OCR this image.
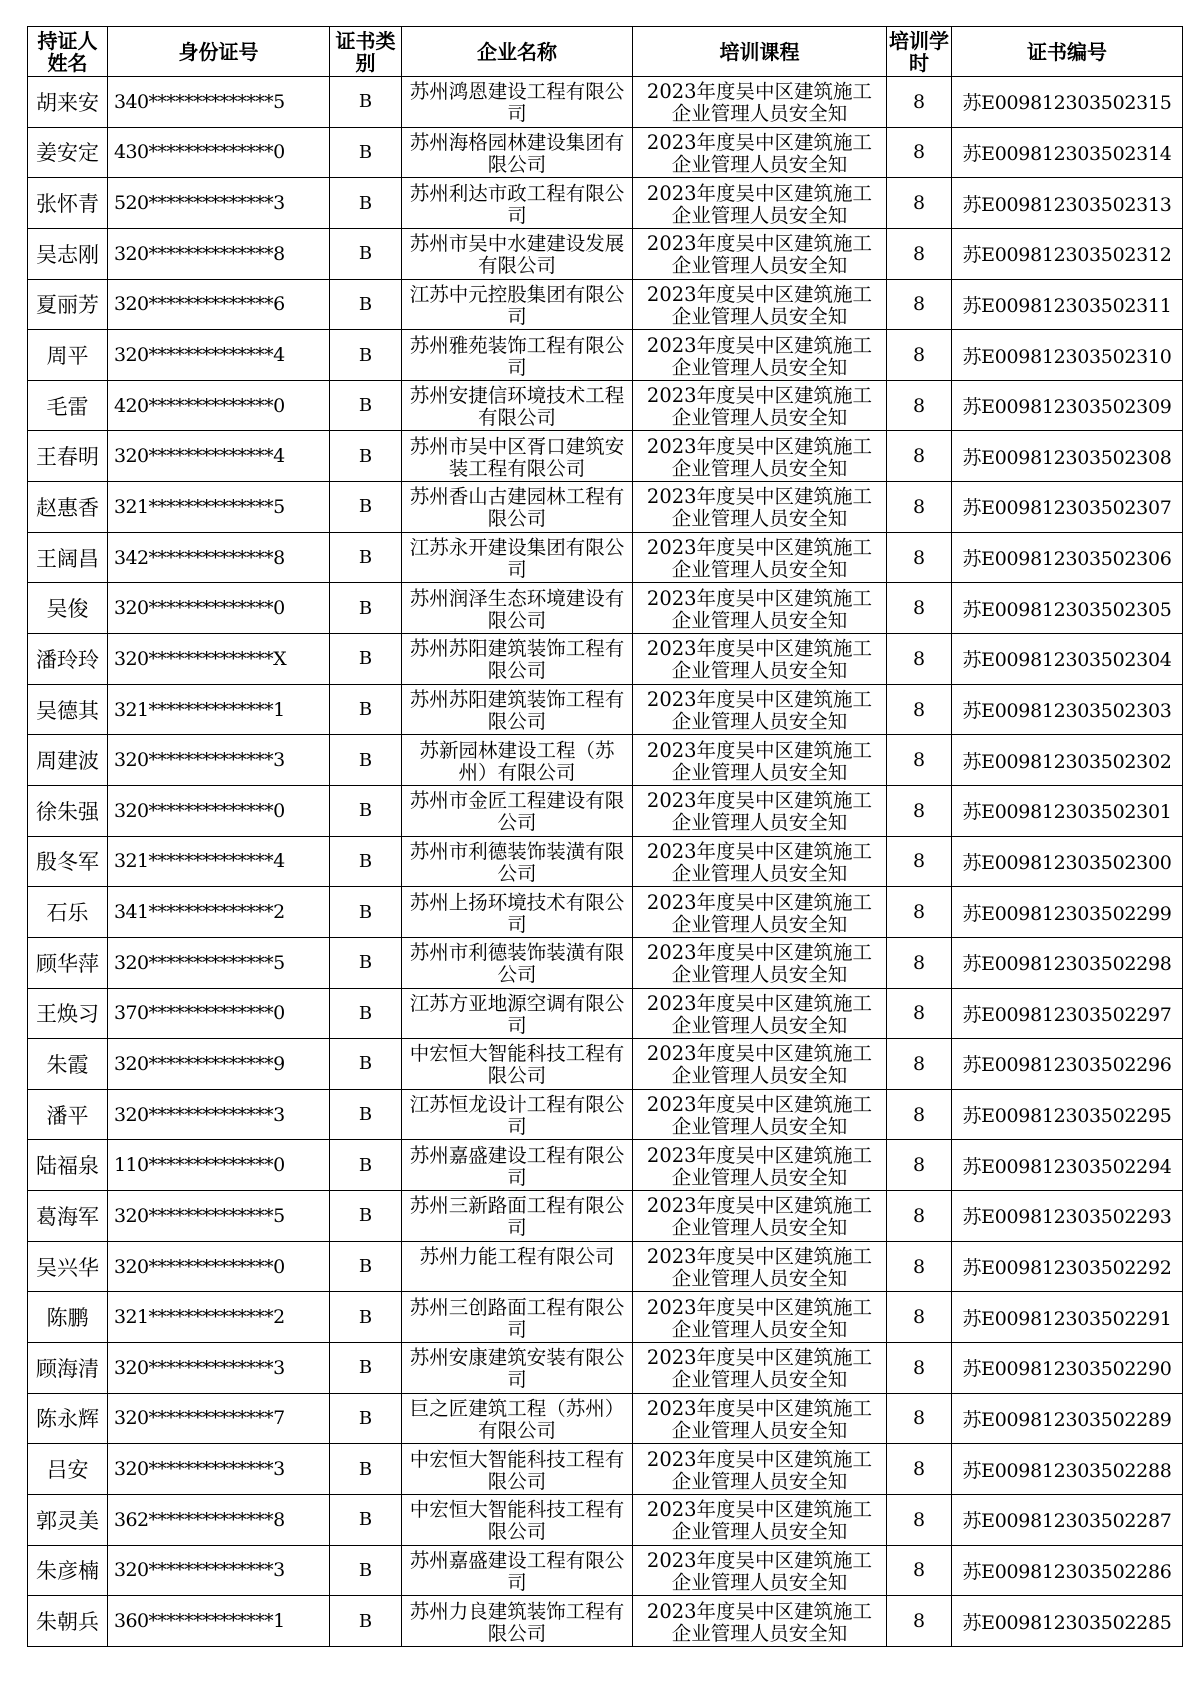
持证人姓名	身份证号	证书类别	企业名称	培训课程	培训学时	证书编号
胡来安	340**************5	B	苏州鸿恩建设工程有限公司	2023年度吴中区建筑施工企业管理人员安全知	8	苏E009812303502315
姜安定	430**************0	B	苏州海格园林建设集团有限公司	2023年度吴中区建筑施工企业管理人员安全知	8	苏E009812303502314
张怀青	520**************3	B	苏州利达市政工程有限公司	2023年度吴中区建筑施工企业管理人员安全知	8	苏E009812303502313
吴志刚	320**************8	B	苏州市吴中水建建设发展有限公司	2023年度吴中区建筑施工企业管理人员安全知	8	苏E009812303502312
夏丽芳	320**************6	B	江苏中元控股集团有限公司	2023年度吴中区建筑施工企业管理人员安全知	8	苏E009812303502311
周平	320**************4	B	苏州雅苑装饰工程有限公司	2023年度吴中区建筑施工企业管理人员安全知	8	苏E009812303502310
毛雷	420**************0	B	苏州安捷信环境技术工程有限公司	2023年度吴中区建筑施工企业管理人员安全知	8	苏E009812303502309
王春明	320**************4	B	苏州市吴中区胥口建筑安装工程有限公司	2023年度吴中区建筑施工企业管理人员安全知	8	苏E009812303502308
赵惠香	321**************5	B	苏州香山古建园林工程有限公司	2023年度吴中区建筑施工企业管理人员安全知	8	苏E009812303502307
王阔昌	342**************8	B	江苏永开建设集团有限公司	2023年度吴中区建筑施工企业管理人员安全知	8	苏E009812303502306
吴俊	320**************0	B	苏州润泽生态环境建设有限公司	2023年度吴中区建筑施工企业管理人员安全知	8	苏E009812303502305
潘玲玲	320**************X	B	苏州苏阳建筑装饰工程有限公司	2023年度吴中区建筑施工企业管理人员安全知	8	苏E009812303502304
吴德其	321**************1	B	苏州苏阳建筑装饰工程有限公司	2023年度吴中区建筑施工企业管理人员安全知	8	苏E009812303502303
周建波	320**************3	B	苏新园林建设工程（苏州）有限公司	2023年度吴中区建筑施工企业管理人员安全知	8	苏E009812303502302
徐朱强	320**************0	B	苏州市金匠工程建设有限公司	2023年度吴中区建筑施工企业管理人员安全知	8	苏E009812303502301
殷冬军	321**************4	B	苏州市利德装饰装潢有限公司	2023年度吴中区建筑施工企业管理人员安全知	8	苏E009812303502300
石乐	341**************2	B	苏州上扬环境技术有限公司	2023年度吴中区建筑施工企业管理人员安全知	8	苏E009812303502299
顾华萍	320**************5	B	苏州市利德装饰装潢有限公司	2023年度吴中区建筑施工企业管理人员安全知	8	苏E009812303502298
王焕习	370**************0	B	江苏方亚地源空调有限公司	2023年度吴中区建筑施工企业管理人员安全知	8	苏E009812303502297
朱霞	320**************9	B	中宏恒大智能科技工程有限公司	2023年度吴中区建筑施工企业管理人员安全知	8	苏E009812303502296
潘平	320**************3	B	江苏恒龙设计工程有限公司	2023年度吴中区建筑施工企业管理人员安全知	8	苏E009812303502295
陆福泉	110**************0	B	苏州嘉盛建设工程有限公司	2023年度吴中区建筑施工企业管理人员安全知	8	苏E009812303502294
葛海军	320**************5	B	苏州三新路面工程有限公司	2023年度吴中区建筑施工企业管理人员安全知	8	苏E009812303502293
吴兴华	320**************0	B	苏州力能工程有限公司	2023年度吴中区建筑施工企业管理人员安全知	8	苏E009812303502292
陈鹏	321**************2	B	苏州三创路面工程有限公司	2023年度吴中区建筑施工企业管理人员安全知	8	苏E009812303502291
顾海清	320**************3	B	苏州安康建筑安装有限公司	2023年度吴中区建筑施工企业管理人员安全知	8	苏E009812303502290
陈永辉	320**************7	B	巨之匠建筑工程（苏州）有限公司	2023年度吴中区建筑施工企业管理人员安全知	8	苏E009812303502289
吕安	320**************3	B	中宏恒大智能科技工程有限公司	2023年度吴中区建筑施工企业管理人员安全知	8	苏E009812303502288
郭灵美	362**************8	B	中宏恒大智能科技工程有限公司	2023年度吴中区建筑施工企业管理人员安全知	8	苏E009812303502287
朱彦楠	320**************3	B	苏州嘉盛建设工程有限公司	2023年度吴中区建筑施工企业管理人员安全知	8	苏E009812303502286
朱朝兵	360**************1	B	苏州力良建筑装饰工程有限公司	2023年度吴中区建筑施工企业管理人员安全知	8	苏E009812303502285
